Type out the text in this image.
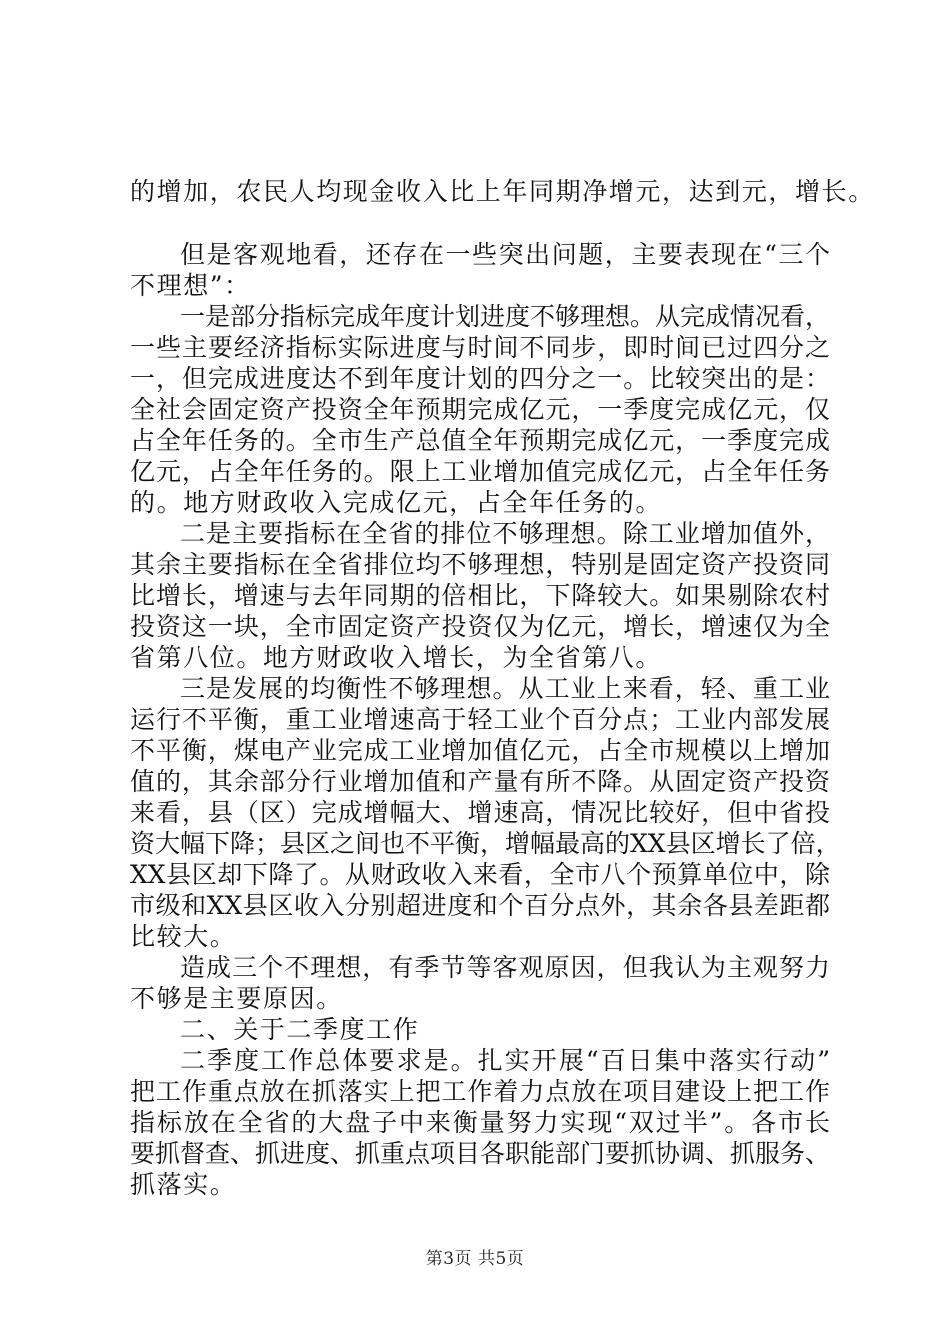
的增加，农民人均现金收入比上年同期净增元，达到元，增长。
但是客观地看，还存在一些突出问题，主要表现在“三个
不理想”：
一是部分指标完成年度计划进度不够理想。从完成情况看，
一些主要经济指标实际进度与时间不同步，即时间已过四分之
一，但完成进度达不到年度计划的四分之一。比较突出的是：
全社会固定资产投资全年预期完成亿元，一季度完成亿元，仅
占全年任务的。全市生产总值全年预期完成亿元，一季度完成
亿元，占全年任务的。限上工业增加值完成亿元，占全年任务
的。地方财政收入完成亿元，占全年任务的。
二是主要指标在全省的排位不够理想。除工业增加值外，
其余主要指标在全省排位均不够理想，特别是固定资产投资同
比增长，增速与去年同期的倍相比，下降较大。如果剔除农村
投资这一块，全市固定资产投资仅为亿元，增长，增速仅为全
省第八位。地方财政收入增长，为全省第八。
三是发展的均衡性不够理想。从工业上来看，轻、重工业
运行不平衡，重工业增速高于轻工业个百分点；工业内部发展
不平衡，煤电产业完成工业增加值亿元，占全市规模以上增加
值的，其余部分行业增加值和产量有所不降。从固定资产投资
来看，县（区）完成增幅大、增速高，情况比较好，但中省投
资大幅下降；县区之间也不平衡，增幅最高的XX县区增长了倍，
XX县区却下降了。从财政收入来看，全市八个预算单位中，除
市级和XX县区收入分别超进度和个百分点外，其余各县差距都
比较大。
造成三个不理想，有季节等客观原因，但我认为主观努力
不够是主要原因。
二、关于二季度工作
二季度工作总体要求是。扎实开展“百日集中落实行动”
把工作重点放在抓落实上把工作着力点放在项目建设上把工作
指标放在全省的大盘子中来衡量努力实现“双过半”。各市长
要抓督查、抓进度、抓重点项目各职能部门要抓协调、抓服务、
抓落实。
第3页 共5页
